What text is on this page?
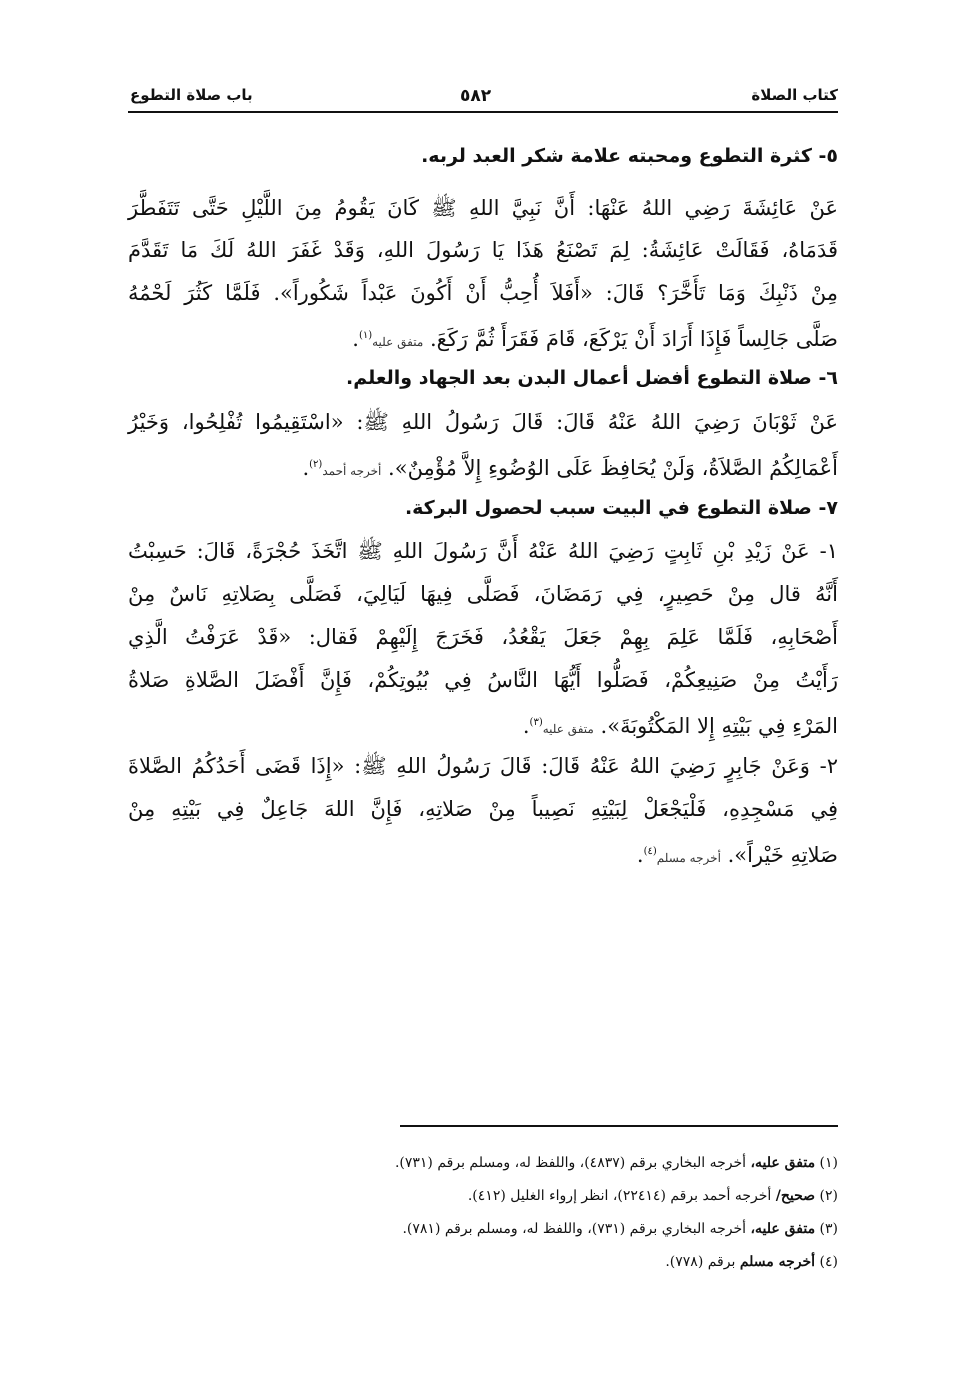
كتاب الصلاة
٥٨٢
باب صلاة التطوع
٥- كثرة التطوع ومحبته علامة شكر العبد لربه.
عَنْ عَائِشَةَ رَضِي اللهُ عَنْهَا: أَنَّ نَبِيَّ اللهِ ﷺ كَانَ يَقُومُ مِنَ اللَّيْلِ حَتَّى تَتَفَطَّرَ
قَدَمَاهُ، فَقَالَتْ عَائِشَةُ: لِمَ تَصْنَعُ هَذَا يَا رَسُولَ اللهِ، وَقَدْ غَفَرَ اللهُ لَكَ مَا تَقَدَّمَ
مِنْ ذَنْبِكَ وَمَا تَأَخَّرَ؟ قَالَ: «أَفَلاَ أُحِبُّ أَنْ أَكُونَ عَبْداً شَكُوراً». فَلَمَّا كَثُرَ لَحْمُهُ
صَلَّى جَالِساً فَإِذَا أَرَادَ أَنْ يَرْكَعَ، قَامَ فَقَرَأَ ثُمَّ رَكَعَ. متفق عليه$^{(١)}$.
٦- صلاة التطوع أفضل أعمال البدن بعد الجهاد والعلم.
عَنْ ثَوْبَانَ رَضِيَ اللهُ عَنْهُ قَالَ: قَالَ رَسُولُ اللهِ ﷺ: «اسْتَقِيمُوا تُفْلِحُوا، وَخَيْرُ
أَعْمَالِكُمُ الصَّلاَةُ، وَلَنْ يُحَافِظَ عَلَى الوُضُوءِ إِلاَّ مُؤْمِنٌ». أخرجه أحمد$^{(٢)}$.
٧- صلاة التطوع في البيت سبب لحصول البركة.
١- عَنْ زَيْدِ بْنِ ثَابِتٍ رَضِيَ اللهُ عَنْهُ أَنَّ رَسُولَ اللهِ ﷺ اتَّخَذَ حُجْرَةً، قَالَ: حَسِبْتُ
أَنَّهُ قال مِنْ حَصِيرٍ، فِي رَمَضَانَ، فَصَلَّى فِيهَا لَيَالِيَ، فَصَلَّى بِصَلاتِهِ نَاسٌ مِنْ
أَصْحَابِهِ، فَلَمَّا عَلِمَ بِهِمْ جَعَلَ يَقْعُدُ، فَخَرَجَ إِلَيْهِمْ فَقال: «قَدْ عَرَفْتُ الَّذِي
رَأَيْتُ مِنْ صَنِيعِكُمْ، فَصَلُّوا أَيُّهَا النَّاسُ فِي بُيُوتِكُمْ، فَإِنَّ أَفْضَلَ الصَّلاةِ صَلاةُ
المَرْءِ فِي بَيْتِهِ إِلا المَكْتُوبَةَ». متفق عليه$^{(٣)}$.
٢- وَعَنْ جَابِرٍ رَضِيَ اللهُ عَنْهُ قَالَ: قَالَ رَسُولُ اللهِ ﷺ: «إِذَا قَضَى أَحَدُكُمُ الصَّلاةَ
فِي مَسْجِدِهِ، فَلْيَجْعَلْ لِبَيْتِهِ نَصِيباً مِنْ صَلاتِهِ، فَإِنَّ اللهَ جَاعِلٌ فِي بَيْتِهِ مِنْ
صَلاتِهِ خَيْراً». أخرجه مسلم$^{(٤)}$.
(١) متفق عليه، أخرجه البخاري برقم (٤٨٣٧)، واللفظ له، ومسلم برقم (٧٣١).
(٢) صحيح/ أخرجه أحمد برقم (٢٢٤١٤)، انظر إرواء الغليل (٤١٢).
(٣) متفق عليه، أخرجه البخاري برقم (٧٣١)، واللفظ له، ومسلم برقم (٧٨١).
(٤) أخرجه مسلم برقم (٧٧٨).
